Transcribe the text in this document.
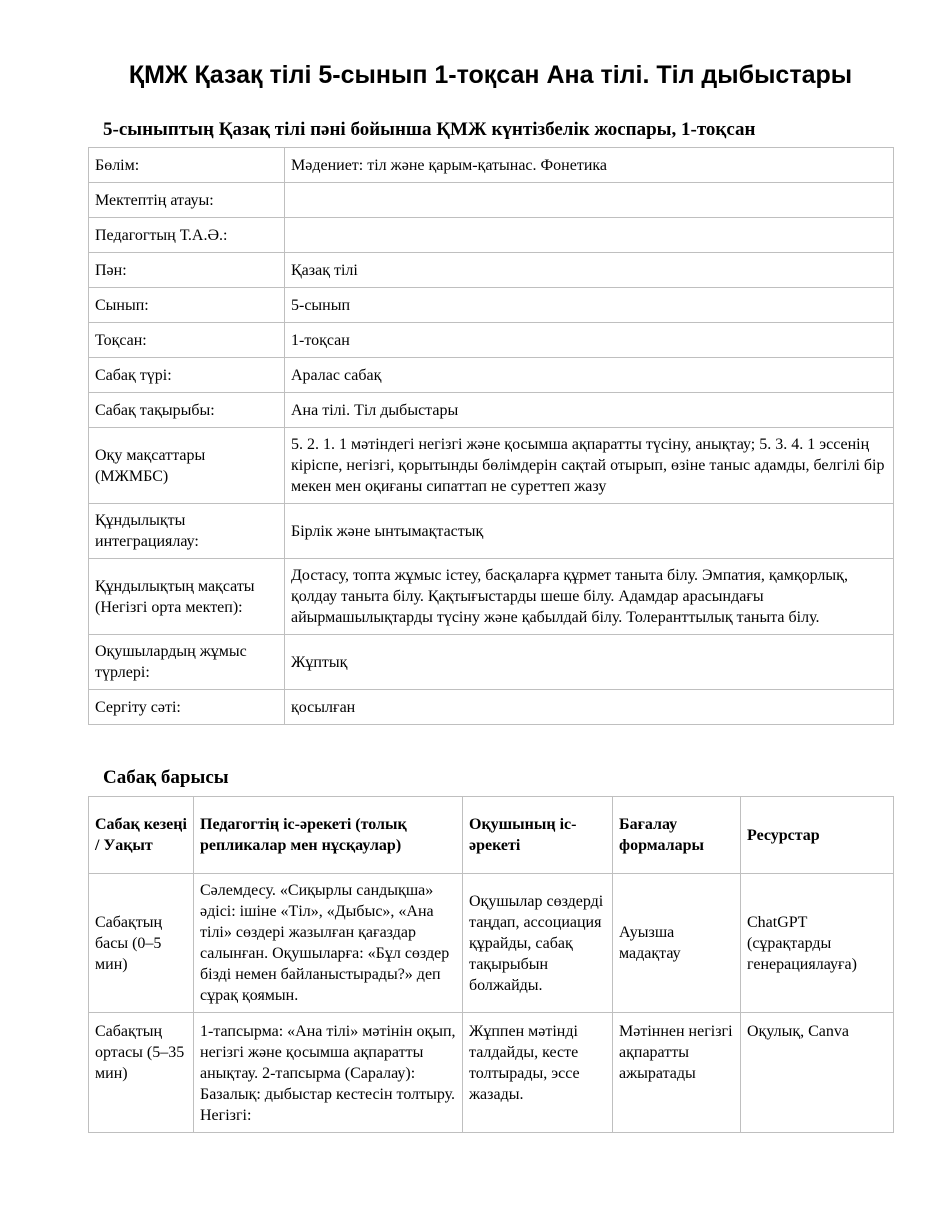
ҚМЖ Қазақ тілі 5-сынып 1-тоқсан Ана тілі. Тіл дыбыстары
5-сыныптың Қазақ тілі пәні бойынша ҚМЖ күнтізбелік жоспары, 1-тоқсан
Бөлім:	Мәдениет: тіл және қарым-қатынас. Фонетика
Мектептің атауы:	
Педагогтың Т.А.Ә.:	
Пән:	Қазақ тілі
Сынып:	5-сынып
Тоқсан:	1-тоқсан
Сабақ түрі:	Аралас сабақ
Сабақ тақырыбы:	Ана тілі. Тіл дыбыстары
Оқу мақсаттары (МЖМБС)	5. 2. 1. 1 мәтіндегі негізгі және қосымша ақпаратты түсіну, анықтау; 5. 3. 4. 1 эссенің кіріспе, негізгі, қорытынды бөлімдерін сақтай отырып, өзіне таныс адамды, белгілі бір мекен мен оқиғаны сипаттап не суреттеп жазу
Құндылықты интеграциялау:	Бірлік және ынтымақтастық
Құндылықтың мақсаты (Негізгі орта мектеп):	Достасу, топта жұмыс істеу, басқаларға құрмет таныта білу. Эмпатия, қамқорлық, қолдау таныта білу. Қақтығыстарды шеше білу. Адамдар арасындағы айырмашылықтарды түсіну және қабылдай білу. Толеранттылық таныта білу.
Оқушылардың жұмыс түрлері:	Жұптық
Сергіту сәті:	қосылған
Сабақ барысы
Сабақ кезеңі / Уақыт	Педагогтің іс-әрекеті (толық репликалар мен нұсқаулар)	Оқушының іс-әрекеті	Бағалау формалары	Ресурстар
Сабақтың басы (0–5 мин)	Сәлемдесу. «Сиқырлы сандықша» әдісі: ішіне «Тіл», «Дыбыс», «Ана тілі» сөздері жазылған қағаздар салынған. Оқушыларға: «Бұл сөздер бізді немен байланыстырады?» деп сұрақ қоямын.	Оқушылар сөздерді таңдап, ассоциация құрайды, сабақ тақырыбын болжайды.	Ауызша мадақтау	ChatGPT (сұрақтарды генерациялауға)
Сабақтың ортасы (5–35 мин)	1-тапсырма: «Ана тілі» мәтінін оқып, негізгі және қосымша ақпаратты анықтау. 2-тапсырма (Саралау): Базалық: дыбыстар кестесін толтыру. Негізгі:	Жұппен мәтінді талдайды, кесте толтырады, эссе жазады.	Мәтіннен негізгі ақпаратты ажыратады	Оқулық, Canva
